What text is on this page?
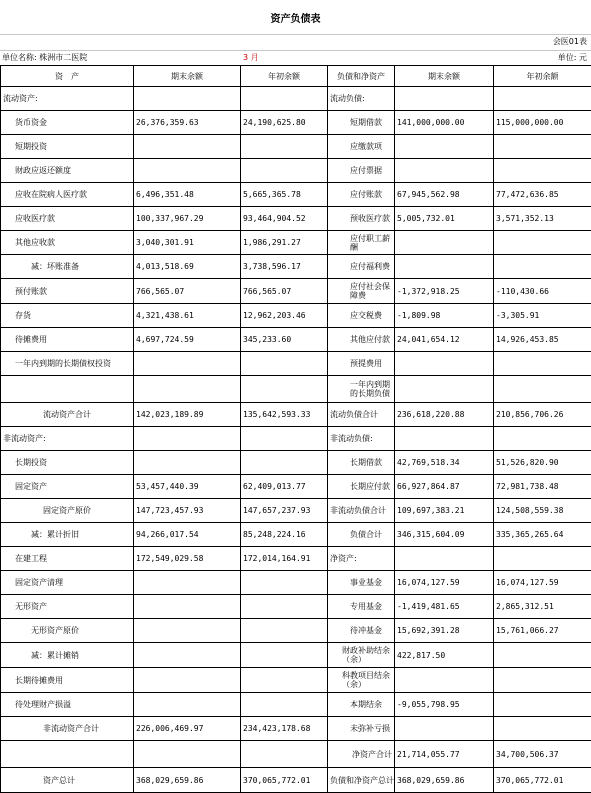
资产负债表
会医01表
单位名称: 株洲市二医院	3 月	单位: 元
资　产	期末余额	年初余额	负债和净资产	期末余额	年初余额
流动资产:			流动负债:		
货币资金	26,376,359.63	24,190,625.80	短期借款	141,000,000.00	115,000,000.00
短期投资			应缴款项		
财政应返还额度			应付票据		
应收在院病人医疗款	6,496,351.48	5,665,365.78	应付账款	67,945,562.98	77,472,636.85
应收医疗款	100,337,967.29	93,464,904.52	预收医疗款	5,005,732.01	3,571,352.13
其他应收款	3,040,301.91	1,986,291.27	应付职工薪酬		
减：坏账准备	4,013,518.69	3,738,596.17	应付福利费		
预付账款	766,565.07	766,565.07	应付社会保障费	-1,372,918.25	-110,430.66
存货	4,321,438.61	12,962,203.46	应交税费	-1,809.98	-3,305.91
待摊费用	4,697,724.59	345,233.60	其他应付款	24,041,654.12	14,926,453.85
一年内到期的长期债权投资			预提费用		
			一年内到期的长期负债		
流动资产合计	142,023,189.89	135,642,593.33	流动负债合计	236,618,220.88	210,856,706.26
非流动资产:			非流动负债:		
长期投资			长期借款	42,769,518.34	51,526,820.90
固定资产	53,457,440.39	62,409,013.77	长期应付款	66,927,864.87	72,981,738.48
固定资产原价	147,723,457.93	147,657,237.93	非流动负债合计	109,697,383.21	124,508,559.38
减：累计折旧	94,266,017.54	85,248,224.16	负债合计	346,315,604.09	335,365,265.64
在建工程	172,549,029.58	172,014,164.91	净资产:		
固定资产清理			事业基金	16,074,127.59	16,074,127.59
无形资产			专用基金	-1,419,481.65	2,865,312.51
无形资产原价			待冲基金	15,692,391.28	15,761,066.27
减：累计摊销			财政补助结余（余）	422,817.50	
长期待摊费用			科教项目结余（余）		
待处理财产损溢			本期结余	-9,055,798.95	
非流动资产合计	226,006,469.97	234,423,178.68	未弥补亏损		
			净资产合计	21,714,055.77	34,700,506.37
资产总计	368,029,659.86	370,065,772.01	负债和净资产总计	368,029,659.86	370,065,772.01
